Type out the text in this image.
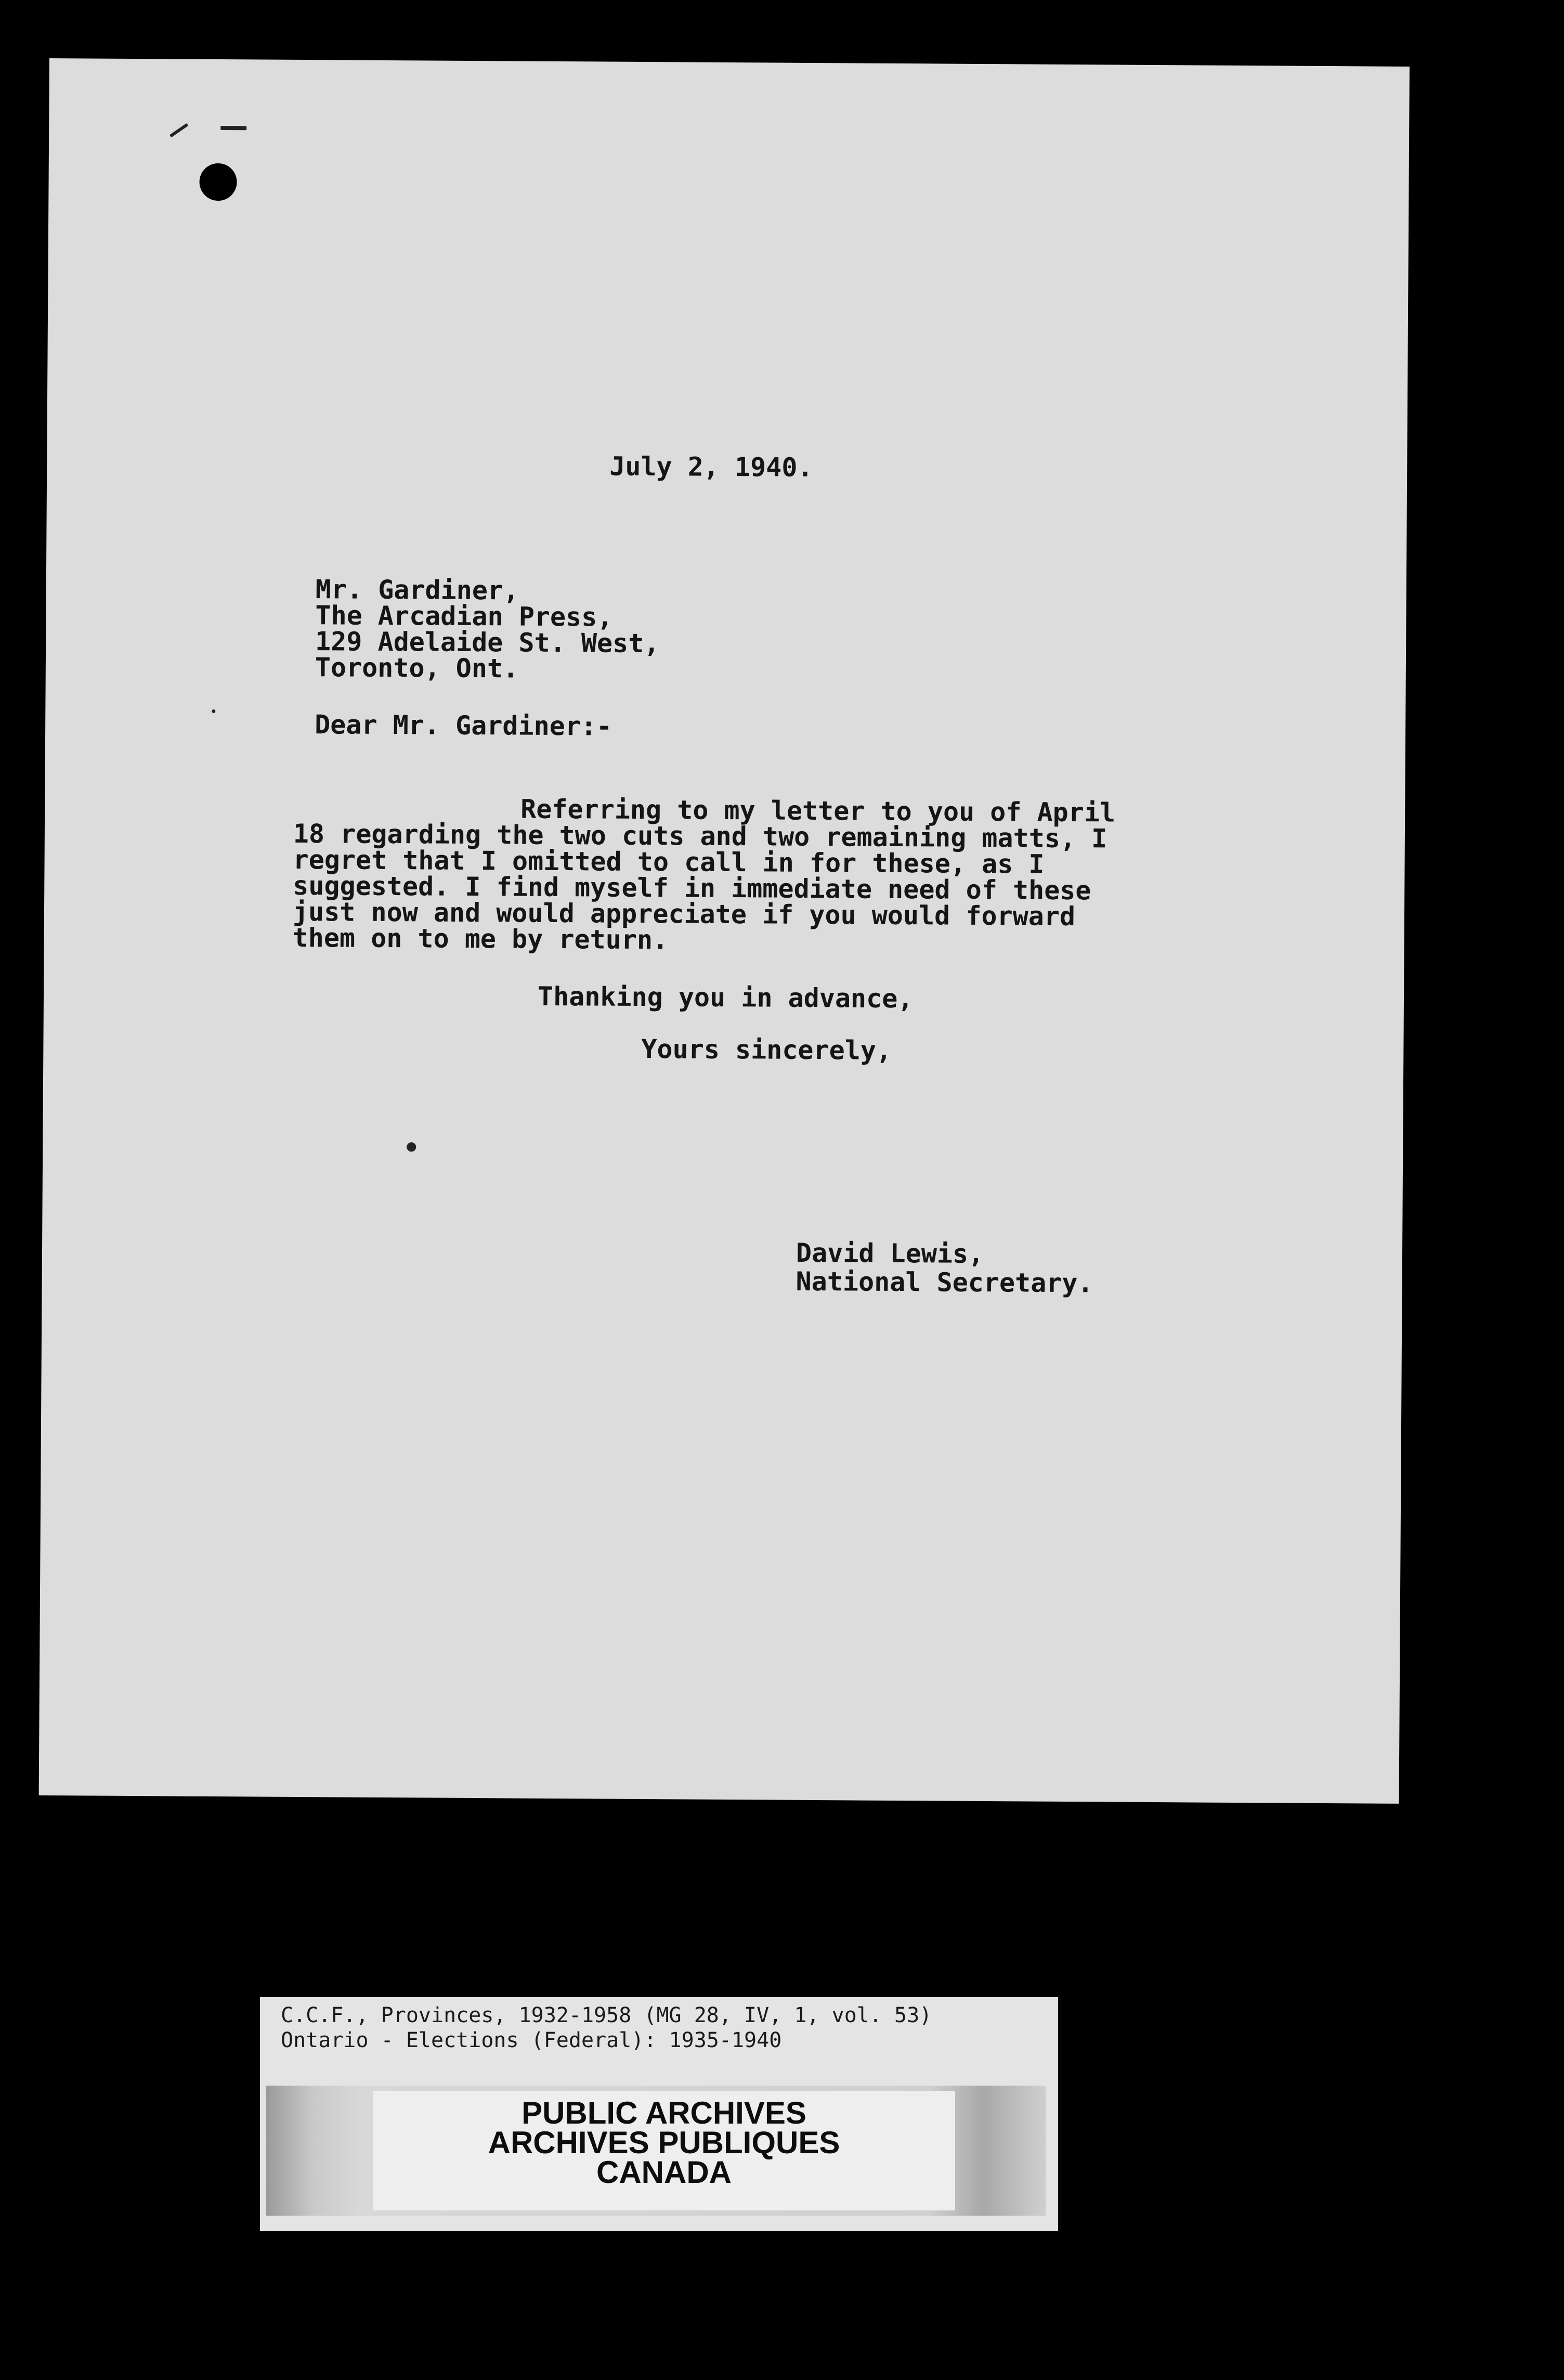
July 2, 1940.

Mr. Gardiner,

The Arcadian Press,

129 Adelaide St. West,

Toronto, Ont.

Dear Mr. Gardiner:-

Referring to my letter to you of April

18 regarding the two cuts and two remaining matts, I

regret that I omitted to call in for these, as I

suggested. I find myself in immediate need of these

just now and would appreciate if you would forward

them on to me by return.

Thanking you in advance,

Yours sincerely,

David Lewis,

National Secretary.

C.C.F., Provinces, 1932-1958 (MG 28, IV, 1, vol. 53)

Ontario - Elections (Federal): 1935-1940

PUBLIC ARCHIVES

ARCHIVES PUBLIQUES

CANADA
